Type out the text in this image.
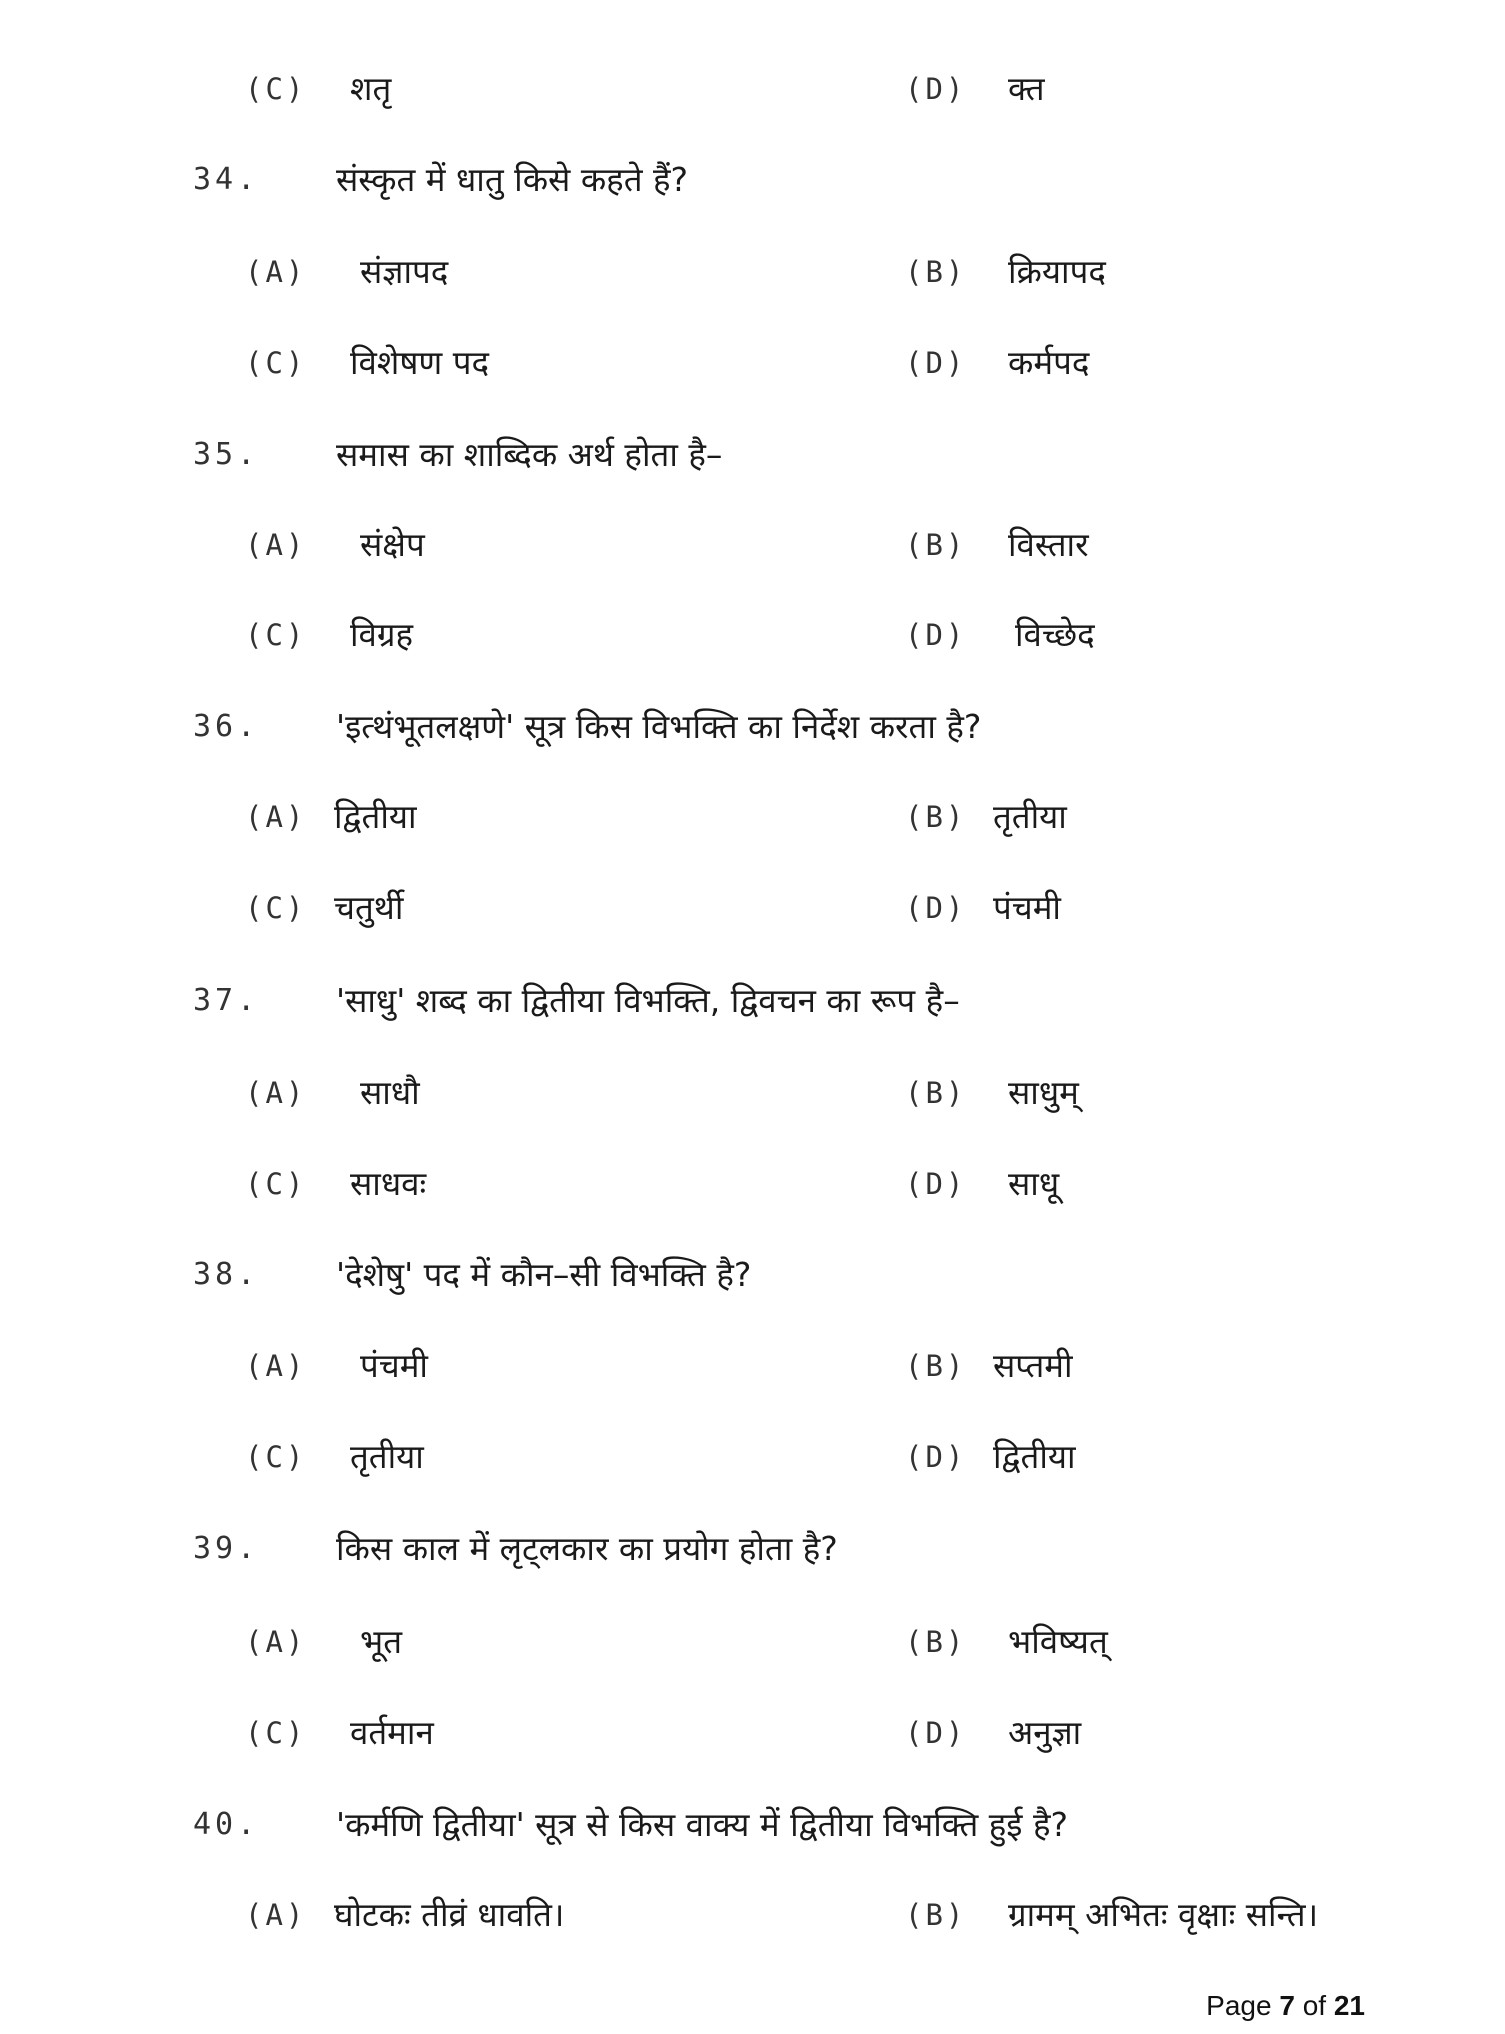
(C) शतृ	(D) क्त
34. संस्कृत में धातु किसे कहते हैं?
(A) संज्ञापद	(B) क्रियापद
(C) विशेषण पद	(D) कर्मपद
35. समास का शाब्दिक अर्थ होता है–
(A) संक्षेप	(B) विस्तार
(C) विग्रह	(D) विच्छेद
36. 'इत्थंभूतलक्षणे' सूत्र किस विभक्ति का निर्देश करता है?
(A) द्वितीया	(B) तृतीया
(C) चतुर्थी	(D) पंचमी
37. 'साधु' शब्द का द्वितीया विभक्ति, द्विवचन का रूप है–
(A) साधौ	(B) साधुम्
(C) साधवः	(D) साधू
38. 'देशेषु' पद में कौन–सी विभक्ति है?
(A) पंचमी	(B) सप्तमी
(C) तृतीया	(D) द्वितीया
39. किस काल में लृट्लकार का प्रयोग होता है?
(A) भूत	(B) भविष्यत्
(C) वर्तमान	(D) अनुज्ञा
40. 'कर्मणि द्वितीया' सूत्र से किस वाक्य में द्वितीया विभक्ति हुई है?
(A) घोटकः तीव्रं धावति।	(B) ग्रामम् अभितः वृक्षाः सन्ति।
Page 7 of 21
